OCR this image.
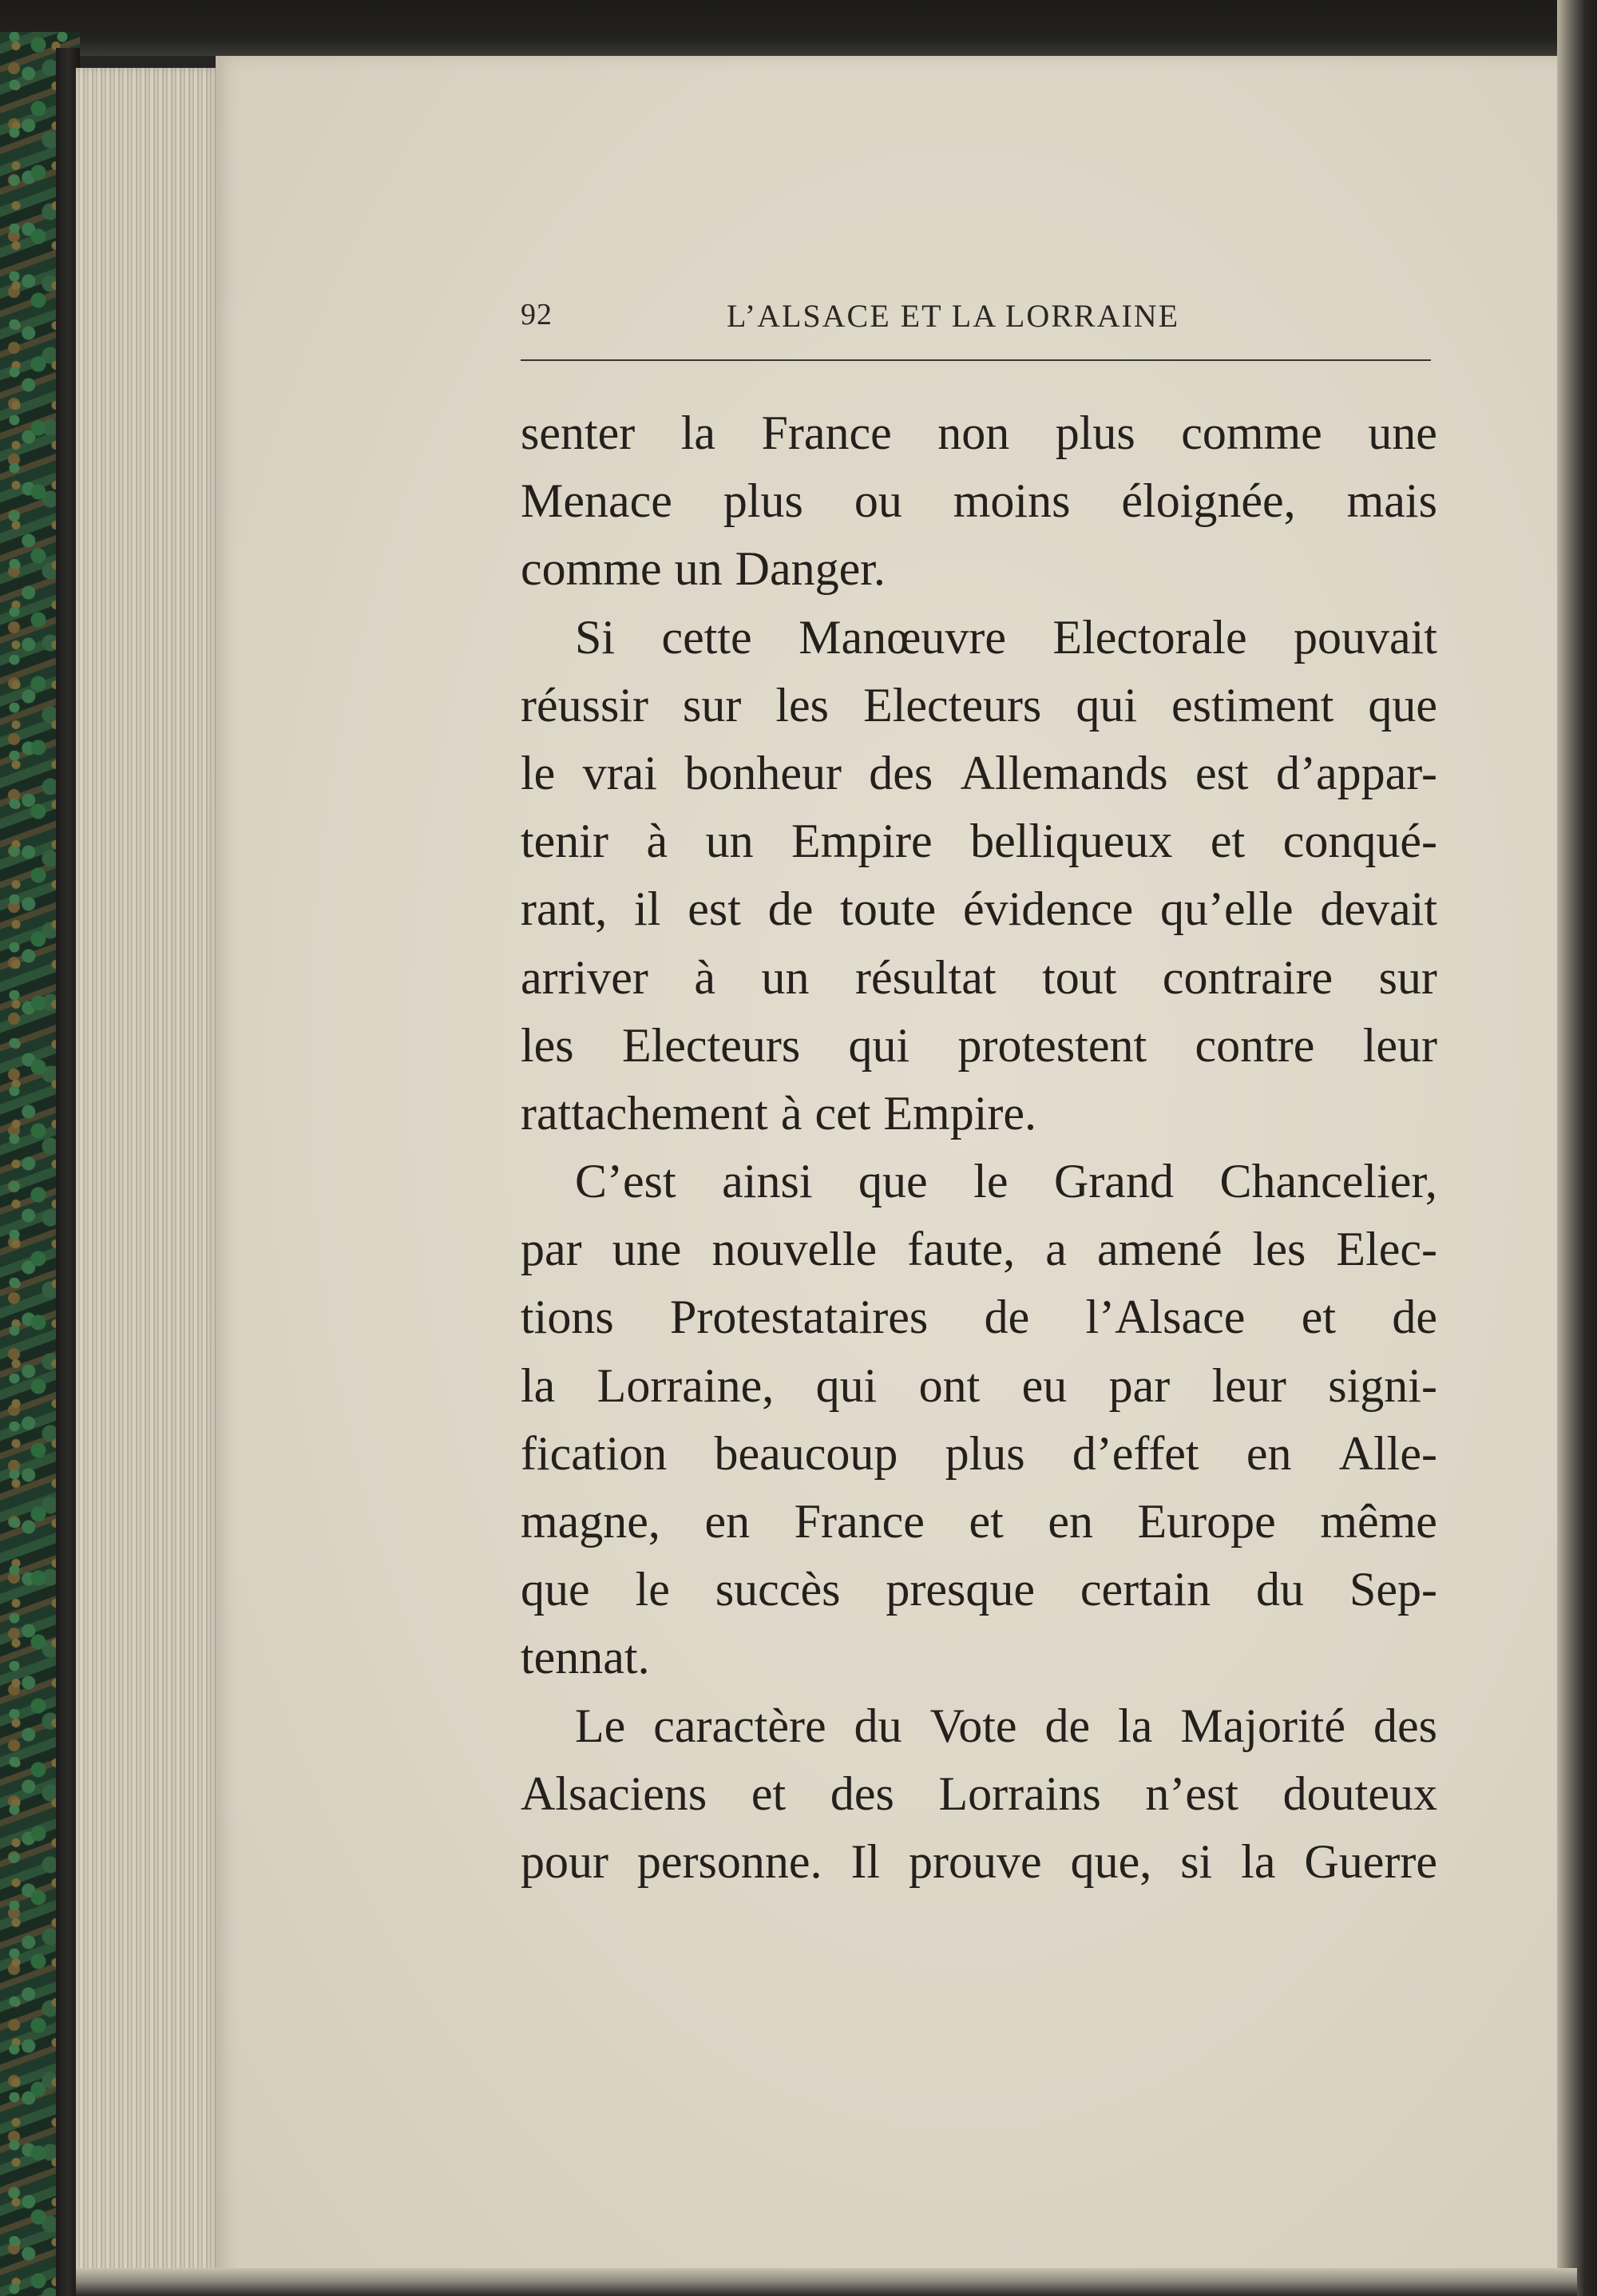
92	L’ALSACE ET LA LORRAINE
senter la France non plus comme une
Menace plus ou moins éloignée, mais
comme un Danger.
Si cette Manœuvre Electorale pouvait
réussir sur les Electeurs qui estiment que
le vrai bonheur des Allemands est d’appar-
tenir à un Empire belliqueux et conqué-
rant, il est de toute évidence qu’elle devait
arriver à un résultat tout contraire sur
les Electeurs qui protestent contre leur
rattachement à cet Empire.
C’est ainsi que le Grand Chancelier,
par une nouvelle faute, a amené les Elec-
tions Protestataires de l’Alsace et de
la Lorraine, qui ont eu par leur signi-
fication beaucoup plus d’effet en Alle-
magne, en France et en Europe même
que le succès presque certain du Sep-
tennat.
Le caractère du Vote de la Majorité des
Alsaciens et des Lorrains n’est douteux
pour personne. Il prouve que, si la Guerre
